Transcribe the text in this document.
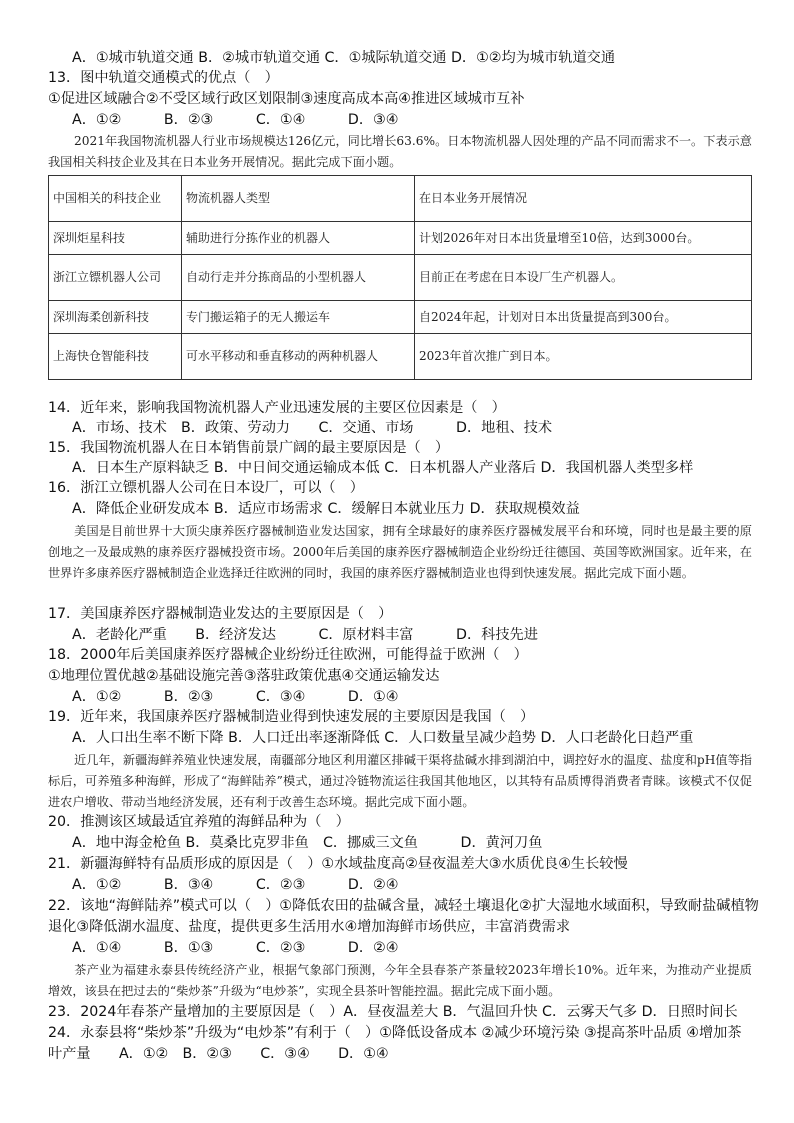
A．①城市轨道交通 B．②城市轨道交通 C．①城际轨道交通 D．①②均为城市轨道交通
13．图中轨道交通模式的优点（　）
①促进区域融合②不受区域行政区划限制③速度高成本高④推进区域城市互补
A．①②　　　B．②③　　　C．①④　　　D．③④
2021年我国物流机器人行业市场规模达126亿元，同比增长63.6%。日本物流机器人因处理的产品不同而需求不一。下表示意我国相关科技企业及其在日本业务开展情况。据此完成下面小题。
中国相关的科技企业	物流机器人类型	在日本业务开展情况
深圳炬星科技	辅助进行分拣作业的机器人	计划2026年对日本出货量增至10倍，达到3000台。
浙江立镖机器人公司	自动行走并分拣商品的小型机器人	目前正在考虑在日本设厂生产机器人。
深圳海柔创新科技	专门搬运箱子的无人搬运车	自2024年起，计划对日本出货量提高到300台。
上海快仓智能科技	可水平移动和垂直移动的两种机器人	2023年首次推广到日本。
14．近年来，影响我国物流机器人产业迅速发展的主要区位因素是（　）
A．市场、技术　B．政策、劳动力　　C．交通、市场　　　D．地租、技术
15．我国物流机器人在日本销售前景广阔的最主要原因是（　）
A．日本生产原料缺乏 B．中日间交通运输成本低 C．日本机器人产业落后 D．我国机器人类型多样
16．浙江立镖机器人公司在日本设厂，可以（　）
A．降低企业研发成本 B．适应市场需求 C．缓解日本就业压力 D．获取规模效益
美国是目前世界十大顶尖康养医疗器械制造业发达国家，拥有全球最好的康养医疗器械发展平台和环境，同时也是最主要的原创地之一及最成熟的康养医疗器械投资市场。2000年后美国的康养医疗器械制造企业纷纷迁往德国、英国等欧洲国家。近年来，在世界许多康养医疗器械制造企业选择迁往欧洲的同时，我国的康养医疗器械制造业也得到快速发展。据此完成下面小题。
17．美国康养医疗器械制造业发达的主要原因是（　）
A．老龄化严重　　B．经济发达　　　C．原材料丰富　　　D．科技先进
18．2000年后美国康养医疗器械企业纷纷迁往欧洲，可能得益于欧洲（　）
①地理位置优越②基础设施完善③落驻政策优惠④交通运输发达
A．①②　　　B．②③　　　C．③④　　　D．①④
19．近年来，我国康养医疗器械制造业得到快速发展的主要原因是我国（　）
A．人口出生率不断下降 B．人口迁出率逐渐降低 C．人口数量呈减少趋势 D．人口老龄化日趋严重
近几年，新疆海鲜养殖业快速发展，南疆部分地区利用灌区排碱干渠将盐碱水排到湖泊中，调控好水的温度、盐度和pH值等指标后，可养殖多种海鲜，形成了“海鲜陆养”模式，通过冷链物流运往我国其他地区，以其特有品质博得消费者青睐。该模式不仅促进农户增收、带动当地经济发展，还有利于改善生态环境。据此完成下面小题。
20．推测该区域最适宜养殖的海鲜品种为（　）
A．地中海金枪鱼 B．莫桑比克罗非鱼　C．挪威三文鱼　　　D．黄河刀鱼
21．新疆海鲜特有品质形成的原因是（　）①水域盐度高②昼夜温差大③水质优良④生长较慢
A．①②　　　B．③④　　　C．②③　　　D．②④
22．该地“海鲜陆养”模式可以（　）①降低农田的盐碱含量，减轻土壤退化②扩大湿地水域面积，导致耐盐碱植物
退化③降低湖水温度、盐度，提供更多生活用水④增加海鲜市场供应，丰富消费需求
A．①④　　　B．①③　　　C．②③　　　D．②④
茶产业为福建永泰县传统经济产业，根据气象部门预测，今年全县春茶产茶量较2023年增长10%。近年来，为推动产业提质增效，该县在把过去的“柴炒茶”升级为“电炒茶”，实现全县茶叶智能控温。据此完成下面小题。
23．2024年春茶产量增加的主要原因是（　）A．昼夜温差大 B．气温回升快 C．云雾天气多 D．日照时间长
24．永泰县将“柴炒茶”升级为“电炒茶”有利于（　）①降低设备成本 ②减少环境污染 ③提高茶叶品质 ④增加茶
叶产量　　A．①②　B．②③　　C．③④　　D．①④
